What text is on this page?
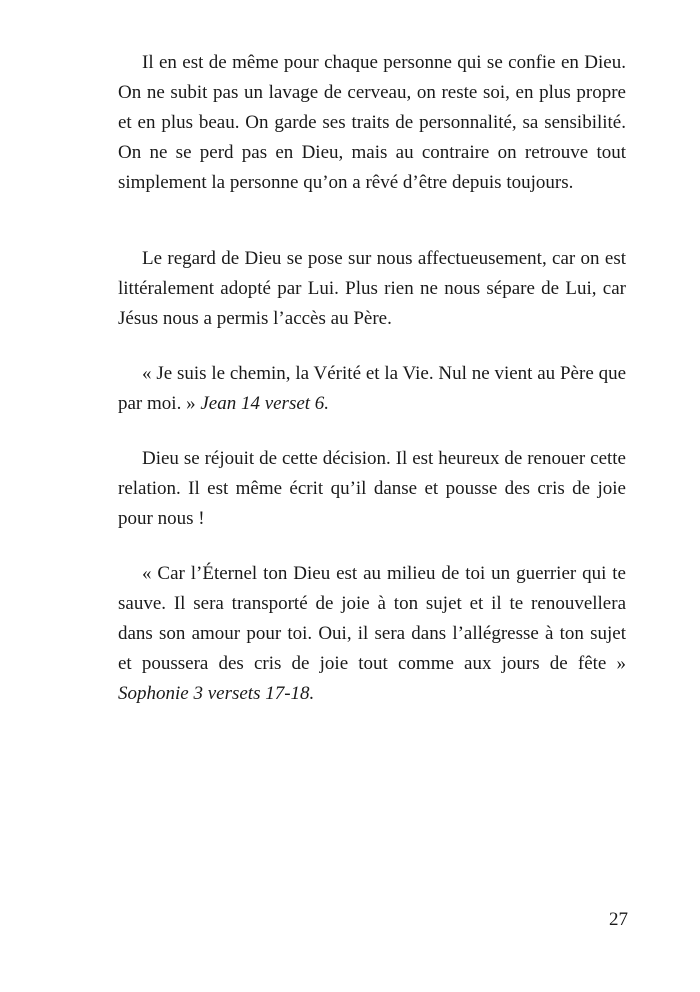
Il en est de même pour chaque personne qui se confie en Dieu. On ne subit pas un lavage de cerveau, on reste soi, en plus propre et en plus beau. On garde ses traits de personnalité, sa sensibilité. On ne se perd pas en Dieu, mais au contraire on retrouve tout simplement la personne qu’on a rêvé d’être depuis toujours.

Le regard de Dieu se pose sur nous affectueusement, car on est littéralement adopté par Lui. Plus rien ne nous sépare de Lui, car Jésus nous a permis l’accès au Père.

« Je suis le chemin, la Vérité et la Vie. Nul ne vient au Père que par moi. » Jean 14 verset 6.

Dieu se réjouit de cette décision. Il est heureux de renouer cette relation. Il est même écrit qu’il danse et pousse des cris de joie pour nous !

« Car l’Éternel ton Dieu est au milieu de toi un guerrier qui te sauve. Il sera transporté de joie à ton sujet et il te renouvellera dans son amour pour toi. Oui, il sera dans l’allégresse à ton sujet et poussera des cris de joie tout comme aux jours de fête » Sophonie 3 versets 17-18.

27
